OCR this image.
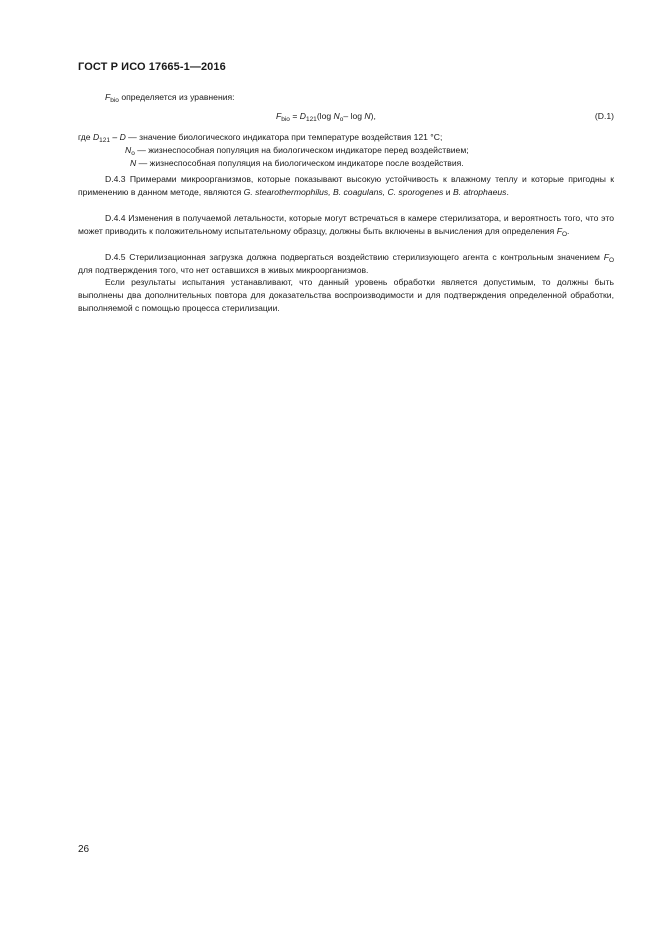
ГОСТ Р ИСО 17665-1—2016
$F_{bio}$ определяется из уравнения:
$F_{bio} = D_{121}(\log$ $N_o-$ log N),	(D.1)
где $D_{121}$ – D — значение биологического индикатора при температуре воздействия 121 °C;
$N_o$ — жизнеспособная популяция на биологическом индикаторе перед воздействием;
N — жизнеспособная популяция на биологическом индикаторе после воздействия.
D.4.3 Примерами микроорганизмов, которые показывают высокую устойчивость к влажному теплу и которые пригодны к применению в данном методе, являются G. stearothermophilus, B. coagulans, C. sporogenes и B. atrophaeus.
D.4.4 Изменения в получаемой летальности, которые могут встречаться в камере стерилизатора, и вероятность того, что это может приводить к положительному испытательному образцу, должны быть включены в вычисления для определения $F_O$.
D.4.5 Стерилизационная загрузка должна подвергаться воздействию стерилизующего агента с контрольным значением $F_O$ для подтверждения того, что нет оставшихся в живых микроорганизмов.
Если результаты испытания устанавливают, что данный уровень обработки является допустимым, то должны быть выполнены два дополнительных повтора для доказательства воспроизводимости и для подтверждения определенной обработки, выполняемой с помощью процесса стерилизации.
26
